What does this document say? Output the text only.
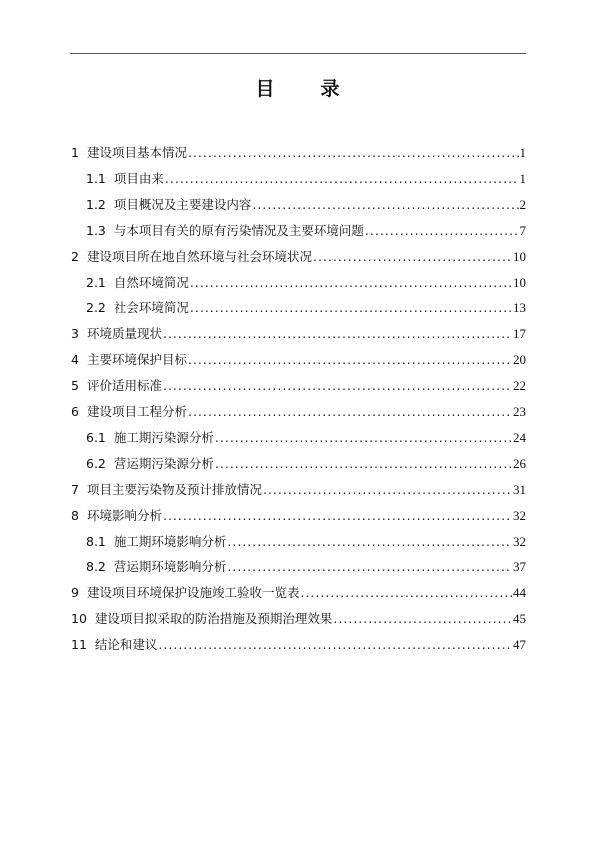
目 录
1 建设项目基本情况 .....	1
1.1 项目由来 .....	1
1.2 项目概况及主要建设内容 .....	2
1.3 与本项目有关的原有污染情况及主要环境问题 .....	7
2 建设项目所在地自然环境与社会环境状况 .....	10
2.1 自然环境简况 .....	10
2.2 社会环境简况 .....	13
3 环境质量现状 .....	17
4 主要环境保护目标 .....	20
5 评价适用标准 .....	22
6 建设项目工程分析 .....	23
6.1 施工期污染源分析 .....	24
6.2 营运期污染源分析 .....	26
7 项目主要污染物及预计排放情况 .....	31
8 环境影响分析 .....	32
8.1 施工期环境影响分析 .....	32
8.2 营运期环境影响分析 .....	37
9 建设项目环境保护设施竣工验收一览表 .....	44
10 建设项目拟采取的防治措施及预期治理效果 .....	45
11 结论和建议 .....	47
